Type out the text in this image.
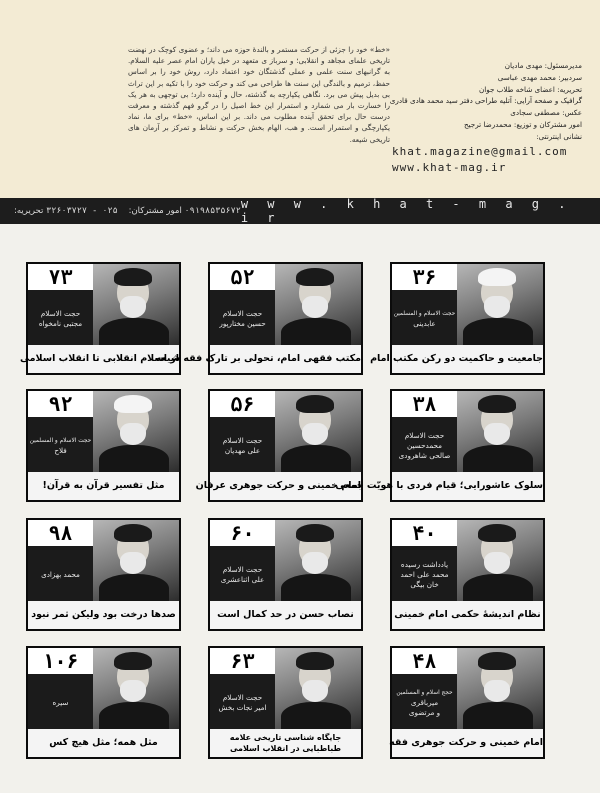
مدیرمسئول: مهدی مادیان
سردبیر: محمد مهدی عباسی
تحریریه: اعضای شاخه طلاب جوان
گرافیک و صفحه آرایی: آتلیه طراحی دفتر سید محمد هادی قادری
عکس: مصطفی سجادی
امور مشترکان و توزیع: محمدرضا ترجیح
نشانی اینترنتی:
khat.magazine@gmail.com
www.khat-mag.ir
«خط» خود را جزئی از حرکت مستمر و بالندهٔ حوزه می داند؛ و عضوی کوچک در نهضت تاریخی علمای مجاهد و انقلابی؛ و سرباز ی متعهد در خیل یاران امام عصر علیه السلام. به گرانبهای سنت علمی و عملی گذشتگان خود اعتماد دارد، روش خود را بر اساس حفظ، ترمیم و بالندگی این سنت ها طراحی می کند و حرکت خود را با تکیه بر این تراث بی بدیل پیش می برد. نگاهی یکپارچه به گذشته، حال و آینده دارد؛ بی توجهی به هر یک را خسارت بار می شمارد و استمرار این خط اصیل را در گرو فهم گذشته و معرفت درست حال برای تحقق آینده مطلوب می داند. بر این اساس، «خط» برای ما، نماد یکپارچگی و استمرار است. و هب، الهام بخش حرکت و نشاط و تمرکز بر آرمان های تاریخی شیعه.
۰۹۱۹۸۵۳۵۶۷۲ امور مشترکان:    ۰۲۵ - ۳۲۶۰۳۷۲۷ تحریریه:	w w w . k h a t - m a g . i r
۷۳
حجت الاسلام
مجتبی نامخواه
از اسلام انقلابی تا انقلاب اسلامی
۵۲
حجت الاسلام
حسین مختارپور
مکتب فقهی امام، تحولی بر تارک فقه شیعه
۳۶
حجت الاسلام و المسلمین
عابدینی
جامعیت و حاکمیت دو رکن مکتب امام
۹۲
حجت الاسلام و المسلمین
فلاح
مثل تفسیر قرآن به قرآن!
۵۶
حجت الاسلام
علی مهدیان
امام خمینی و حرکت جوهری عرفان
۳۸
حجت الاسلام
محمدحسین
صالحی شاهرودی
سلوک عاشورایی؛ قیام فردی با هویّت جمعی
۹۸
محمد بهزادی
صدها درخت بود ولیکن ثمر نبود
۶۰
حجت الاسلام
علی اثناعشری
نصاب حسن در حد کمال است
۴۰
یادداشت رسیده
محمد علی احمد
خان بیگی
نظام اندیشهٔ حکمی امام خمینی
۱۰۶
سیره
مثل همه؛ مثل هیچ کس
۶۳
حجت الاسلام
امیر نجات بخش
جایگاه شناسی تاریخی علامه طباطبایی در انقلاب اسلامی
۴۸
حجج اسلام و المسلمین
میرباقری
و مرتضوی
امام خمینی و حرکت جوهری فقه
